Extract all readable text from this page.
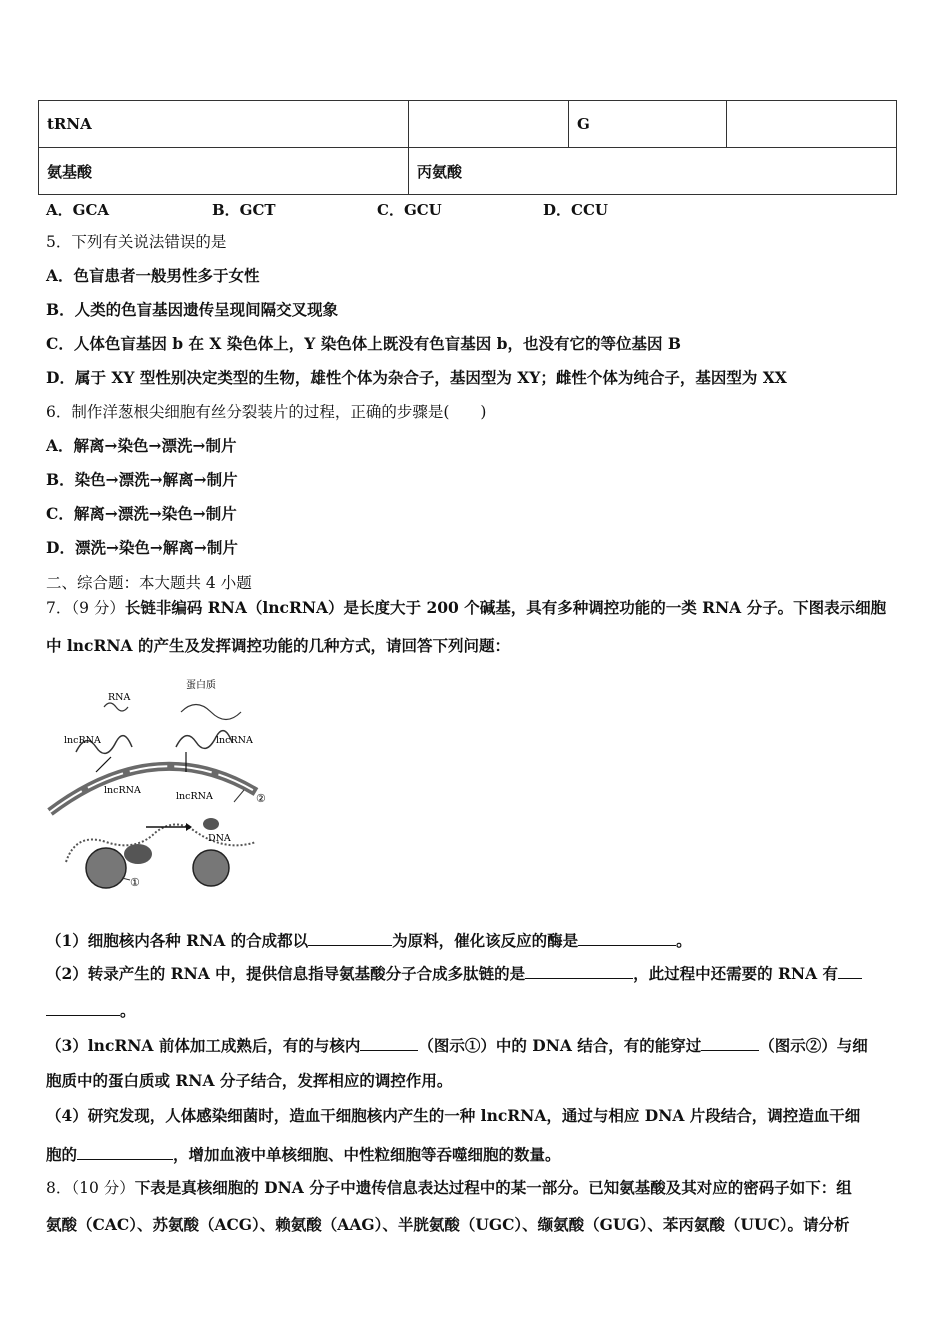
tRNA		G	
氨基酸	丙氨酸		
A．GCA	B．GCT	C．GCU	D．CCU
5．下列有关说法错误的是
A．色盲患者一般男性多于女性
B．人类的色盲基因遗传呈现间隔交叉现象
C．人体色盲基因 b 在 X 染色体上，Y 染色体上既没有色盲基因 b，也没有它的等位基因 B
D．属于 XY 型性别决定类型的生物，雄性个体为杂合子，基因型为 XY；雌性个体为纯合子，基因型为 XX
6．制作洋葱根尖细胞有丝分裂装片的过程，正确的步骤是(　　)
A．解离→染色→漂洗→制片
B．染色→漂洗→解离→制片
C．解离→漂洗→染色→制片
D．漂洗→染色→解离→制片
二、综合题：本大题共 4 小题
7．（9 分）长链非编码 RNA（lncRNA）是长度大于 200 个碱基，具有多种调控功能的一类 RNA 分子。下图表示细胞
中 lncRNA 的产生及发挥调控功能的几种方式，请回答下列问题：
②
RNA
蛋白质
lncRNA	lncRNA
lncRNA
lncRNA
DNA
①
（1）细胞核内各种 RNA 的合成都以	为原料，催化该反应的酶是	。
（2）转录产生的 RNA 中，提供信息指导氨基酸分子合成多肽链的是	，此过程中还需要的 RNA 有
。
（3）lncRNA 前体加工成熟后，有的与核内	（图示①）中的 DNA 结合，有的能穿过	（图示②）与细
胞质中的蛋白质或 RNA 分子结合，发挥相应的调控作用。
（4）研究发现，人体感染细菌时，造血干细胞核内产生的一种 lncRNA，通过与相应 DNA 片段结合，调控造血干细
胞的	，增加血液中单核细胞、中性粒细胞等吞噬细胞的数量。
8．（10 分）下表是真核细胞的 DNA 分子中遗传信息表达过程中的某一部分。已知氨基酸及其对应的密码子如下：组
氨酸（CAC）、苏氨酸（ACG）、赖氨酸（AAG）、半胱氨酸（UGC）、缬氨酸（GUG）、苯丙氨酸（UUC）。请分析
